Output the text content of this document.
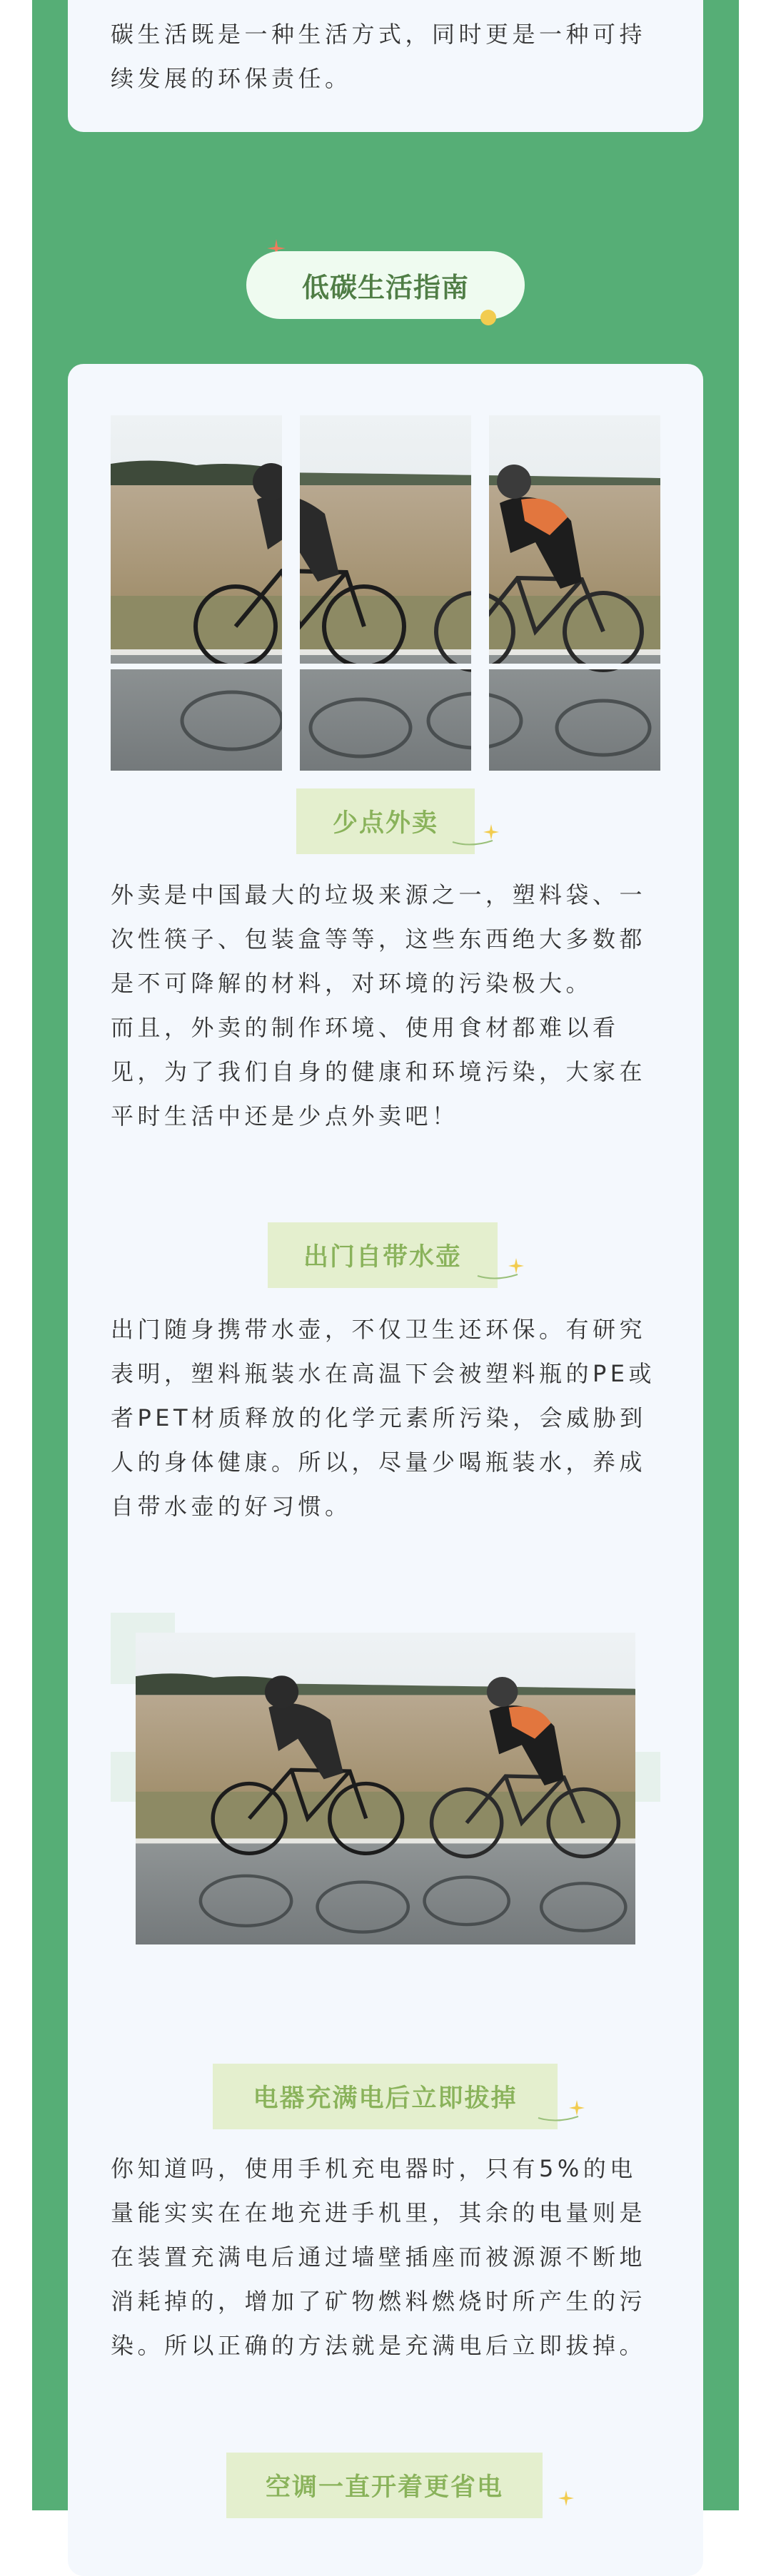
碳生活既是一种生活方式，同时更是一种可持
续发展的环保责任。

低碳生活指南
少点外卖

外卖是中国最大的垃圾来源之一，塑料袋、一
次性筷子、包装盒等等，这些东西绝大多数都
是不可降解的材料，对环境的污染极大。
而且，外卖的制作环境、使用食材都难以看
见，为了我们自身的健康和环境污染，大家在
平时生活中还是少点外卖吧！

出门自带水壶

出门随身携带水壶，不仅卫生还环保。有研究
表明，塑料瓶装水在高温下会被塑料瓶的PE或
者PET材质释放的化学元素所污染，会威胁到
人的身体健康。所以，尽量少喝瓶装水，养成
自带水壶的好习惯。

电器充满电后立即拔掉

你知道吗，使用手机充电器时，只有5%的电
量能实实在在地充进手机里，其余的电量则是
在装置充满电后通过墙壁插座而被源源不断地
消耗掉的，增加了矿物燃料燃烧时所产生的污
染。所以正确的方法就是充满电后立即拔掉。

空调一直开着更省电
